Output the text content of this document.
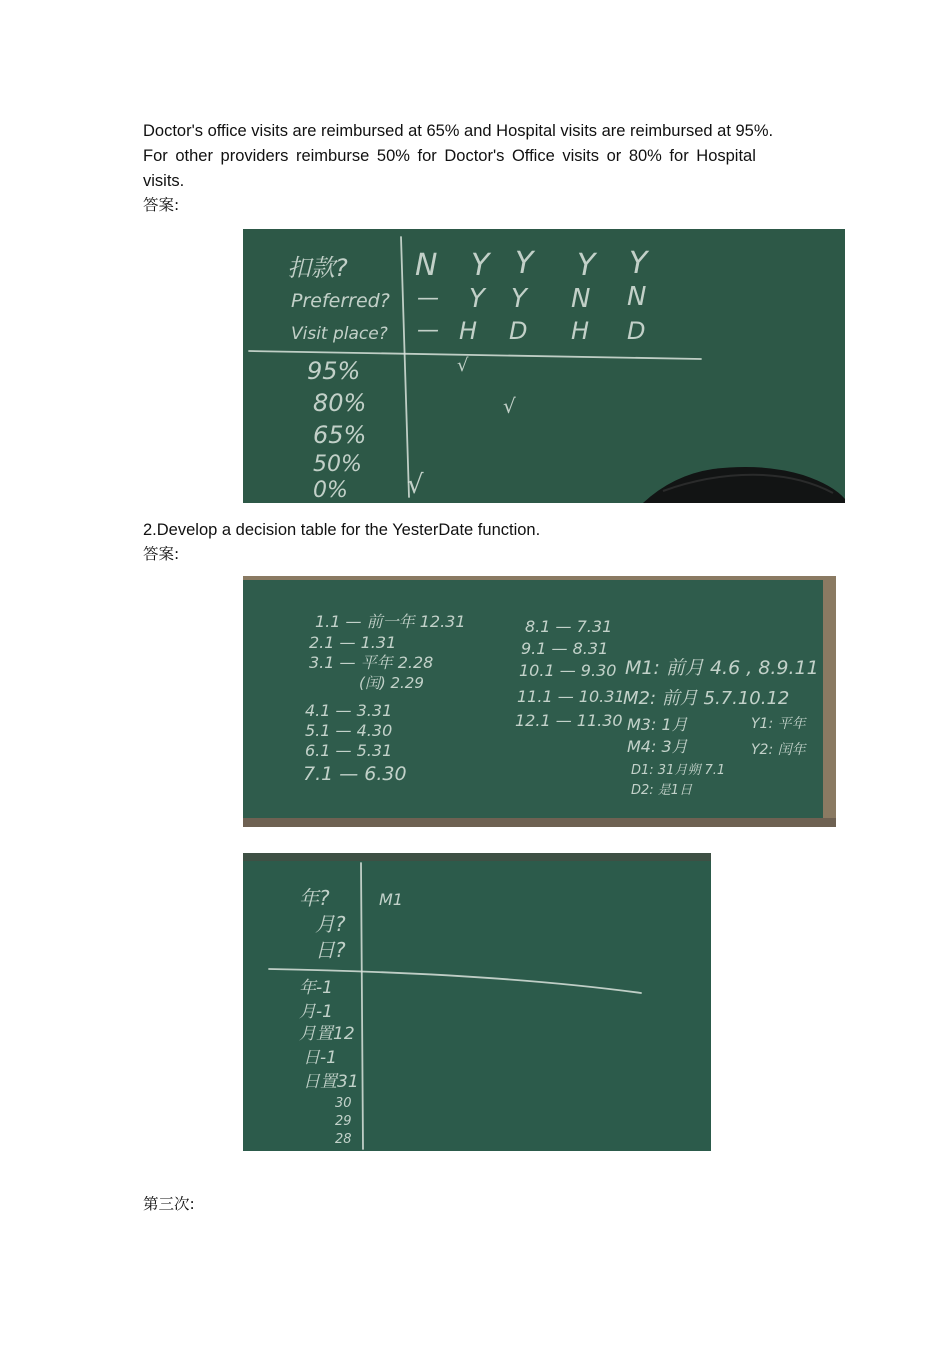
Doctor's office visits are reimbursed at 65% and Hospital visits are reimbursed at 95%.
For other providers reimburse 50% for Doctor's Office visits or 80% for Hospital
visits.
答案:
扣款?
Preferred?
Visit place?
N
—
—
Y
Y
H
Y
Y
D
Y
N
H
Y
N
D
95%
80%
65%
50%
0%
√
√
√
2.Develop a decision table for the YesterDate function.
答案:
1.1 — 前一年 12.31
2.1 — 1.31
3.1 — 平年 2.28
(闰) 2.29
4.1 — 3.31
5.1 — 4.30
6.1 — 5.31
7.1 — 6.30
8.1 — 7.31
9.1 — 8.31
10.1 — 9.30
11.1 — 10.31
12.1 — 11.30
M1: 前月 4.6 , 8.9.11
M2: 前月 5.7.10.12
M3: 1月
M4: 3月
D1: 31月朔 7.1
D2: 是1日
Y1: 平年
Y2: 闰年
年?
月?
日?
M1
年-1
月-1
月置12
日-1
日置31
30
29
28
第三次:
